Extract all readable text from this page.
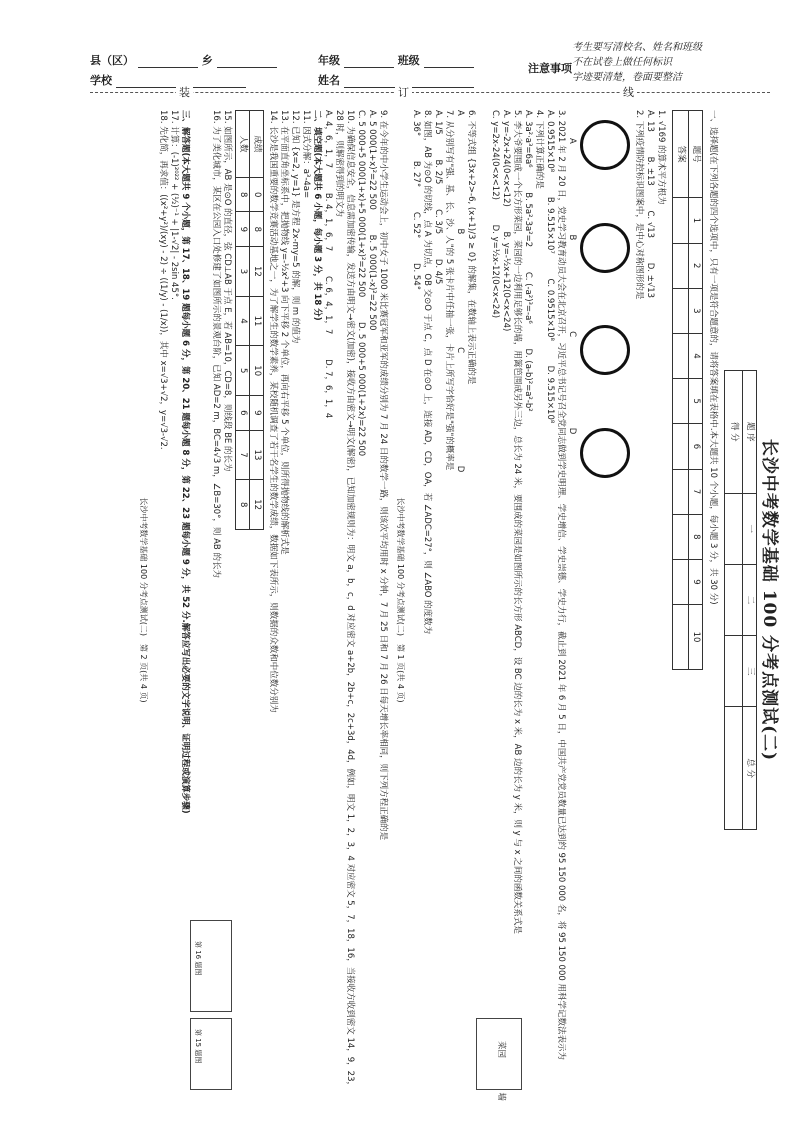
县（区）	乡	年级	班级
学校	姓名
注意事项
考生要写清校名、姓名和班级
不在试卷上做任何标识
字迹要清楚，卷面要整洁
装	订	线
长沙中考数学基础 100 分考点测试(二)
题 序	一	二	三	总 分
得 分				
一、选择题(在下列各题的四个选项中，只有一项是符合题意的，请将答案填在表格中.本大题共 10 个小题，每小题 3 分，共 30 分)
题号	1	2	3	4	5	6	7	8	9	10
答案										
1. √169 的算术平方根为
A. 13 B. ±13 C. √13 D. ±√13
2. 下列疫情防控标识图案中，是中心对称图形的是

A B C D
3. 2021 年 2 月 20 日，党史学习教育动员大会在北京召开，习近平总书记号召全党同志做到学史明理、学史增信、学史崇德、学史力行，截止到 2021 年 6 月 5 日，中国共产党党员数量已达到约 95 150 000 名，将 95 150 000 用科学记数法表示为
A. 0.9515×10⁸ B. 9.515×10⁷ C. 0.9515×10⁸ D. 9.515×10⁸
4. 下列计算正确的是
A. 3a²·a³=6a⁶ B. 5a²-3a²=2 C. (-a²)³=-a⁶ D. (a-b)²=a²-b²
5. 李大爷要围成一个长方形菜园，菜园的一边利用足够长的墙，用篱笆围成另外三边，总长为 24 米，要围成的菜园是如图所示的长方形 ABCD，设 BC 边的长为 x 米，AB 边的长为 y 米，则 y 与 x 之间的函数关系式是
A. y=-2x+24(0<x<12) B. y=-½x+12(0<x<24)
C. y=2x-24(0<x<12) D. y=½x-12(0<x<24)
菜园
墙
6. 不等式组 {3x+2>-6, (x+1)/3 ≥ 0} 的解集，在数轴上表示正确的是
A B C D
7. 从分别写有"强、基、长、沙、人"的 5 张卡片中任抽一张，卡片上所写字恰好是"强"的概率是
A. 1/5 B. 2/5 C. 3/5 D. 4/5
8. 如图，AB 为⊙O 的切线，点 A 为切点，OB 交⊙O 于点 C，点 D 在⊙O 上，连接 AD，CD，OA，若 ∠ADC=27°，则 ∠ABO 的度数为
A. 36° B. 27° C. 52° D. 54°
长沙中考数学基础 100 分考点测试(二)　第 1 页(共 4 页)
9. 在今年的中小学生运动会上，初中女子 1000 米比赛冠军和亚军的成绩分别为 7 月 24 日的数学一路，则该次平均用时 x 分钟，7 月 25 日和 7 月 26 日每天增长率相同，则下列方程正确的是
A. 5 000(1+x)²=22 500 B. 5 000(1-x)²=22 500
C. 5 000+5 000(1+x)+5 000(1+x)²=22 500 D. 5 000+5 000(1+2x)=22 500
10. 为确保信息安全，信息需加密传输，发送方由明文→密文(加密)，接收方由密文→明文(解密)，已知加密规则为：明文 a，b，c，d 对应密文 a+2b，2b+c，2c+3d，4d，例如，明文 1，2，3，4 对应密文 5，7，18，16，当接收方收到密文 14，9，23，28 时，则解密得到的明文为
A. 4，6，1，7 B. 4，1，6，7 C. 6，4，1，7 D. 7，6，1，4
二、填空题(本大题共 6 小题，每小题 3 分，共 18 分)
11. 因式分解：a³-4a=
12. 已知 {x=2, y=1} 是方程 2x-my=5 的解，则 m 的值为
13. 在平面直角坐标系中，把抛物线 y=-½x²+3 向下平移 2 个单位，再向右平移 5 个单位，则所得抛物线的解析式是
14. 长沙是我国重要的数学竞赛活动基地之一，为了解学生的数学素养，某校随机调查了若干名学生的数学成绩，数据如下表所示，则数据的众数和中位数分别为
成绩	0	8	12	11	10	9	13	12
人数	8	9	3	4	5	6	7	8
15. 如图所示，AB 是⊙O 的直径，弦 CD⊥AB 于点 E，若 AB=10，CD=8，则线段 BE 的长为
16. 为了美化城市，某区在公园入口处修建了如图所示的景观台阶，已知 AD=2 m，BC=4√3 m，∠B=30°，则 AB 的长为
第 16 题图
第 15 题图
三、解答题(本大题共 9 个小题，第 17、18、19 题每小题 6 分，第 20、21 题每小题 8 分，第 22、23 题每小题 9 分，共 52 分.解答应写出必要的文字说明、证明过程或演算步骤)
17. 计算：(-1)²⁰²² + (½)⁻¹ + |1-√2| - 2sin 45°.
18. 先化简，再求值：((x²+y²)/(xy) - 2) ÷ ((1/y) - (1/x))，其中 x=√3+√2，y=√3-√2.
长沙中考数学基础 100 分考点测试(二)　第 2 页(共 4 页)
